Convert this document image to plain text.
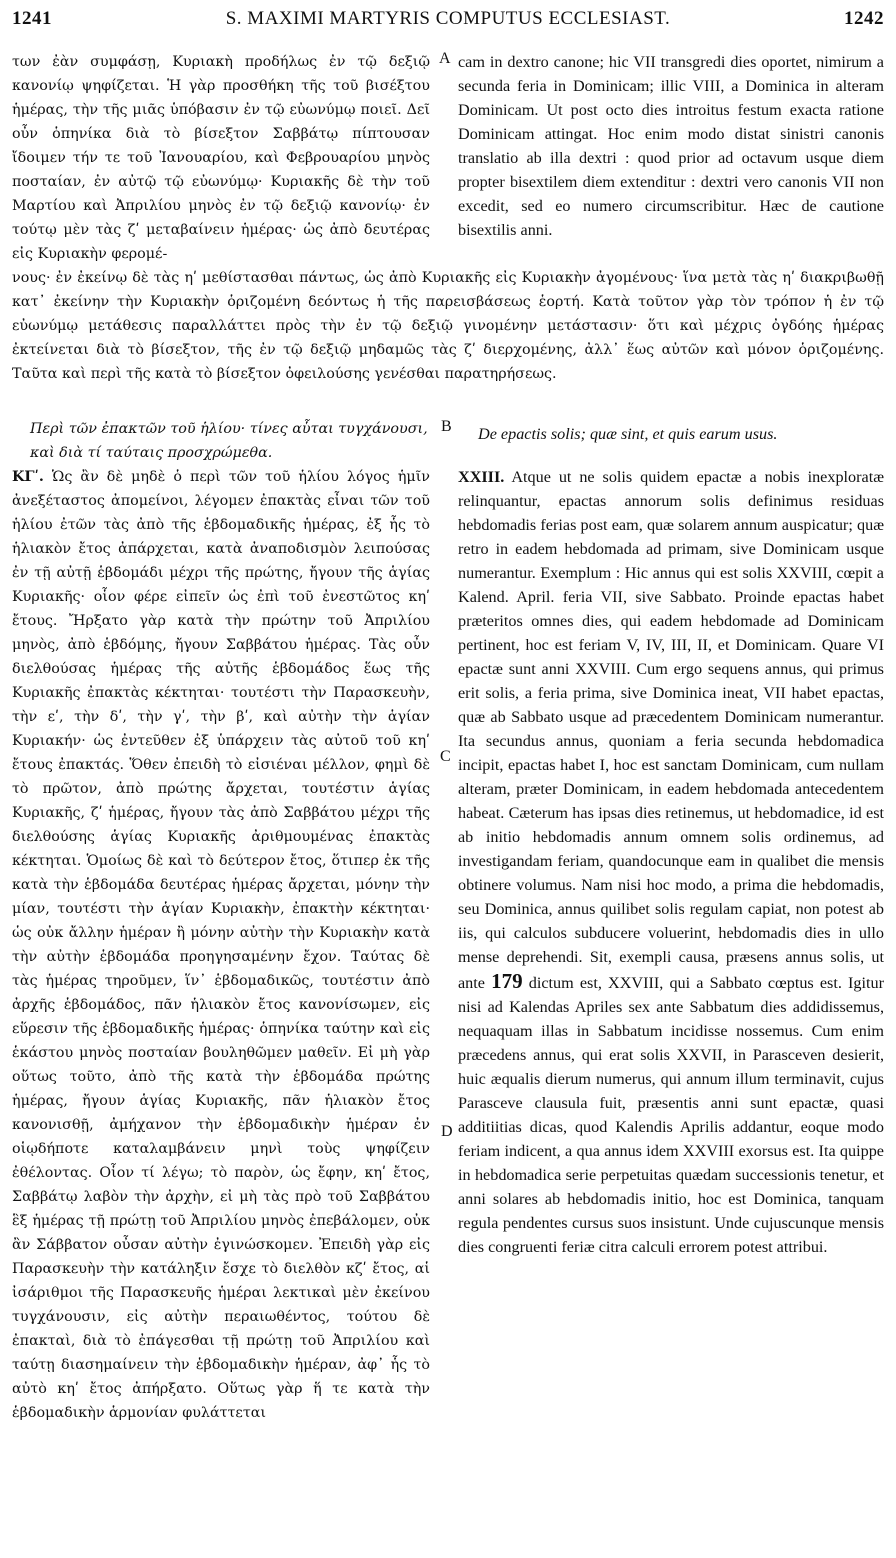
1241	S. MAXIMI MARTYRIS COMPUTUS ECCLESIAST.	1242

των ἐὰν συμφάσῃ, Κυριακὴ προδήλως ἐν τῷ δεξιῷ κανονίῳ ψηφίζεται. Ἡ γὰρ προσθήκη τῆς τοῦ βισέξτου ἡμέρας, τὴν τῆς μιᾶς ὑπόβασιν ἐν τῷ εὐωνύμῳ ποιεῖ. Δεῖ οὖν ὁπηνίκα διὰ τὸ βίσεξτον Σαββάτῳ πίπτουσαν ἴδοιμεν τήν τε τοῦ Ἰανουαρίου, καὶ Φεβρουαρίου μηνὸς ποσταίαν, ἐν αὐτῷ τῷ εὐωνύμῳ· Κυριακῆς δὲ τὴν τοῦ Μαρτίου καὶ Ἀπριλίου μηνὸς ἐν τῷ δεξιῷ κανονίῳ· ἐν τούτῳ μὲν τὰς ζʹ μεταβαίνειν ἡμέρας· ὡς ἀπὸ δευτέρας εἰς Κυριακὴν φερομέ-

A cam in dextro canone; hic VII transgredi dies oportet, nimirum a secunda feria in Dominicam; illic VIII, a Dominica in alteram Dominicam. Ut post octo dies introitus festum exacta ratione Dominicam attingat. Hoc enim modo distat sinistri canonis translatio ab illa dextri : quod prior ad octavum usque diem propter bisextilem diem extenditur : dextri vero canonis VII non excedit, sed eo numero circumscribitur. Hæc de cautione bisextilis anni.

νους· ἐν ἐκείνῳ δὲ τὰς ηʹ μεθίστασθαι πάντως, ὡς ἀπὸ Κυριακῆς εἰς Κυριακὴν ἀγομένους· ἵνα μετὰ τὰς ηʹ διακριβωθῇ κατ᾽ ἐκείνην τὴν Κυριακὴν ὁριζομένη δεόντως ἡ τῆς παρεισβάσεως ἑορτή. Κατὰ τοῦτον γὰρ τὸν τρόπον ἡ ἐν τῷ εὐωνύμῳ μετάθεσις παραλλάττει πρὸς τὴν ἐν τῷ δεξιῷ γινομένην μετάστασιν· ὅτι καὶ μέχρις ὀγδόης ἡμέρας ἐκτείνεται διὰ τὸ βίσεξτον, τῆς ἐν τῷ δεξιῷ μηδαμῶς τὰς ζʹ διερχομένης, ἀλλ᾽ ἕως αὐτῶν καὶ μόνον ὁριζομένης. Ταῦτα καὶ περὶ τῆς κατὰ τὸ βίσεξτον ὀφειλούσης γενέσθαι παρατηρήσεως.

Περὶ τῶν ἐπακτῶν τοῦ ἡλίου· τίνες αὗται τυγχάνουσι, καὶ διὰ τί ταύταις προσχρώμεθα.
B De epactis solis; quæ sint, et quis earum usus.

ΚΓʹ. Ὡς ἂν δὲ μηδὲ ὁ περὶ τῶν τοῦ ἡλίου λόγος ἡμῖν ἀνεξέταστος ἀπομείνοι, λέγομεν ἐπακτὰς εἶναι τῶν τοῦ ἡλίου ἐτῶν τὰς ἀπὸ τῆς ἑβδομαδικῆς ἡμέρας, ἐξ ἧς τὸ ἡλιακὸν ἔτος ἀπάρχεται, κατὰ ἀναποδισμὸν λειπούσας ἐν τῇ αὐτῇ ἑβδομάδι μέχρι τῆς πρώτης, ἤγουν τῆς ἁγίας Κυριακῆς· οἷον φέρε εἰπεῖν ὡς ἐπὶ τοῦ ἐνεστῶτος κηʹ ἔτους. Ἤρξατο γὰρ κατὰ τὴν πρώτην τοῦ Ἀπριλίου μηνὸς, ἀπὸ ἑβδόμης, ἤγουν Σαββάτου ἡμέρας. Τὰς οὖν διελθούσας ἡμέρας τῆς αὐτῆς ἑβδομάδος ἕως τῆς Κυριακῆς ἐπακτὰς κέκτηται· τουτέστι τὴν Παρασκευὴν, τὴν εʹ, τὴν δʹ, τὴν γʹ, τὴν βʹ, καὶ αὐτὴν τὴν ἁγίαν Κυριακήν· ὡς ἐντεῦθεν ἐξ ὑπάρχειν τὰς αὐτοῦ τοῦ κηʹ ἔτους ἐπακτάς. Ὅθεν ἐπειδὴ τὸ εἰσιέναι μέλλον, φημὶ δὲ τὸ πρῶτον, ἀπὸ πρώτης ἄρχεται, τουτέστιν ἁγίας Κυριακῆς, ζʹ ἡμέρας, ἤγουν τὰς ἀπὸ Σαββάτου μέχρι τῆς διελθούσης ἁγίας Κυριακῆς ἀριθμουμένας ἐπακτὰς κέκτηται. Ὁμοίως δὲ καὶ τὸ δεύτερον ἔτος, ὅτιπερ ἐκ τῆς κατὰ τὴν ἑβδομάδα δευτέρας ἡμέρας ἄρχεται, μόνην τὴν μίαν, τουτέστι τὴν ἁγίαν Κυριακὴν, ἐπακτὴν κέκτηται· ὡς οὐκ ἄλλην ἡμέραν ἢ μόνην αὐτὴν τὴν Κυριακὴν κατὰ τὴν αὐτὴν ἑβδομάδα προηγησαμένην ἔχον. Ταύτας δὲ τὰς ἡμέρας τηροῦμεν, ἵν᾽ ἑβδομαδικῶς, τουτέστιν ἀπὸ ἀρχῆς ἑβδομάδος, πᾶν ἡλιακὸν ἔτος κανονίσωμεν, εἰς εὕρεσιν τῆς ἑβδομαδικῆς ἡμέρας· ὁπηνίκα ταύτην καὶ εἰς ἑκάστου μηνὸς ποσταίαν βουληθῶμεν μαθεῖν. Εἰ μὴ γὰρ οὕτως τοῦτο, ἀπὸ τῆς κατὰ τὴν ἑβδομάδα πρώτης ἡμέρας, ἤγουν ἁγίας Κυριακῆς, πᾶν ἡλιακὸν ἔτος κανονισθῇ, ἀμήχανον τὴν ἑβδομαδικὴν ἡμέραν ἐν οἱῳδήποτε καταλαμβάνειν μηνὶ τοὺς ψηφίζειν ἐθέλοντας. Οἷον τί λέγω; τὸ παρὸν, ὡς ἔφην, κηʹ ἔτος, Σαββάτῳ λαβὸν τὴν ἀρχὴν, εἰ μὴ τὰς πρὸ τοῦ Σαββάτου ἓξ ἡμέρας τῇ πρώτῃ τοῦ Ἀπριλίου μηνὸς ἐπεβάλομεν, οὐκ ἂν Σάββατον οὖσαν αὐτὴν ἐγινώσκομεν. Ἐπειδὴ γὰρ εἰς Παρασκευὴν τὴν κατάληξιν ἔσχε τὸ διελθὸν κζʹ ἔτος, αἱ ἰσάριθμοι τῆς Παρασκευῆς ἡμέραι λεκτικαὶ μὲν ἐκείνου τυγχάνουσιν, εἰς αὐτὴν περαιωθέντος, τούτου δὲ ἐπακταὶ, διὰ τὸ ἐπάγεσθαι τῇ πρώτῃ τοῦ Ἀπριλίου καὶ ταύτῃ διασημαίνειν τὴν ἑβδομαδικὴν ἡμέραν, ἀφ᾽ ἧς τὸ αὐτὸ κηʹ ἔτος ἀπήρξατο. Οὕτως γὰρ ἥ τε κατὰ τὴν ἑβδομαδικὴν ἁρμονίαν φυλάττεται

C
D

XXIII. Atque ut ne solis quidem epactæ a nobis inexploratæ relinquantur, epactas annorum solis definimus residuas hebdomadis ferias post eam, quæ solarem annum auspicatur; quæ retro in eadem hebdomada ad primam, sive Dominicam usque numerantur. Exemplum : Hic annus qui est solis XXVIII, cœpit a Kalend. April. feria VII, sive Sabbato. Proinde epactas habet præteritos omnes dies, qui eadem hebdomade ad Dominicam pertinent, hoc est feriam V, IV, III, II, et Dominicam. Quare VI epactæ sunt anni XXVIII. Cum ergo sequens annus, qui primus erit solis, a feria prima, sive Dominica ineat, VII habet epactas, quæ ab Sabbato usque ad præcedentem Dominicam numerantur. Ita secundus annus, quoniam a feria secunda hebdomadica incipit, epactas habet I, hoc est sanctam Dominicam, cum nullam alteram, præter Dominicam, in eadem hebdomada antecedentem habeat. Cæterum has ipsas dies retinemus, ut hebdomadice, id est ab initio hebdomadis annum omnem solis ordinemus, ad investigandam feriam, quandocunque eam in qualibet die mensis obtinere volumus. Nam nisi hoc modo, a prima die hebdomadis, seu Dominica, annus quilibet solis regulam capiat, non potest ab iis, qui calculos subducere voluerint, hebdomadis dies in ullo mense deprehendi. Sit, exempli causa, præsens annus solis, ut ante 179 dictum est, XXVIII, qui a Sabbato cœptus est. Igitur nisi ad Kalendas Apriles sex ante Sabbatum dies addidissemus, nequaquam illas in Sabbatum incidisse nossemus. Cum enim præcedens annus, qui erat solis XXVII, in Parasceven desierit, huic æqualis dierum numerus, qui annum illum terminavit, cujus Parasceve clausula fuit, præsentis anni sunt epactæ, quasi additiitias dicas, quod Kalendis Aprilis addantur, eoque modo feriam indicent, a qua annus idem XXVIII exorsus est. Ita quippe in hebdomadica serie perpetuitas quædam successionis tenetur, et anni solares ab hebdomadis initio, hoc est Dominica, tanquam regula pendentes cursus suos insistunt. Unde cujuscunque mensis dies congruenti feriæ citra calculi errorem potest attribui.
